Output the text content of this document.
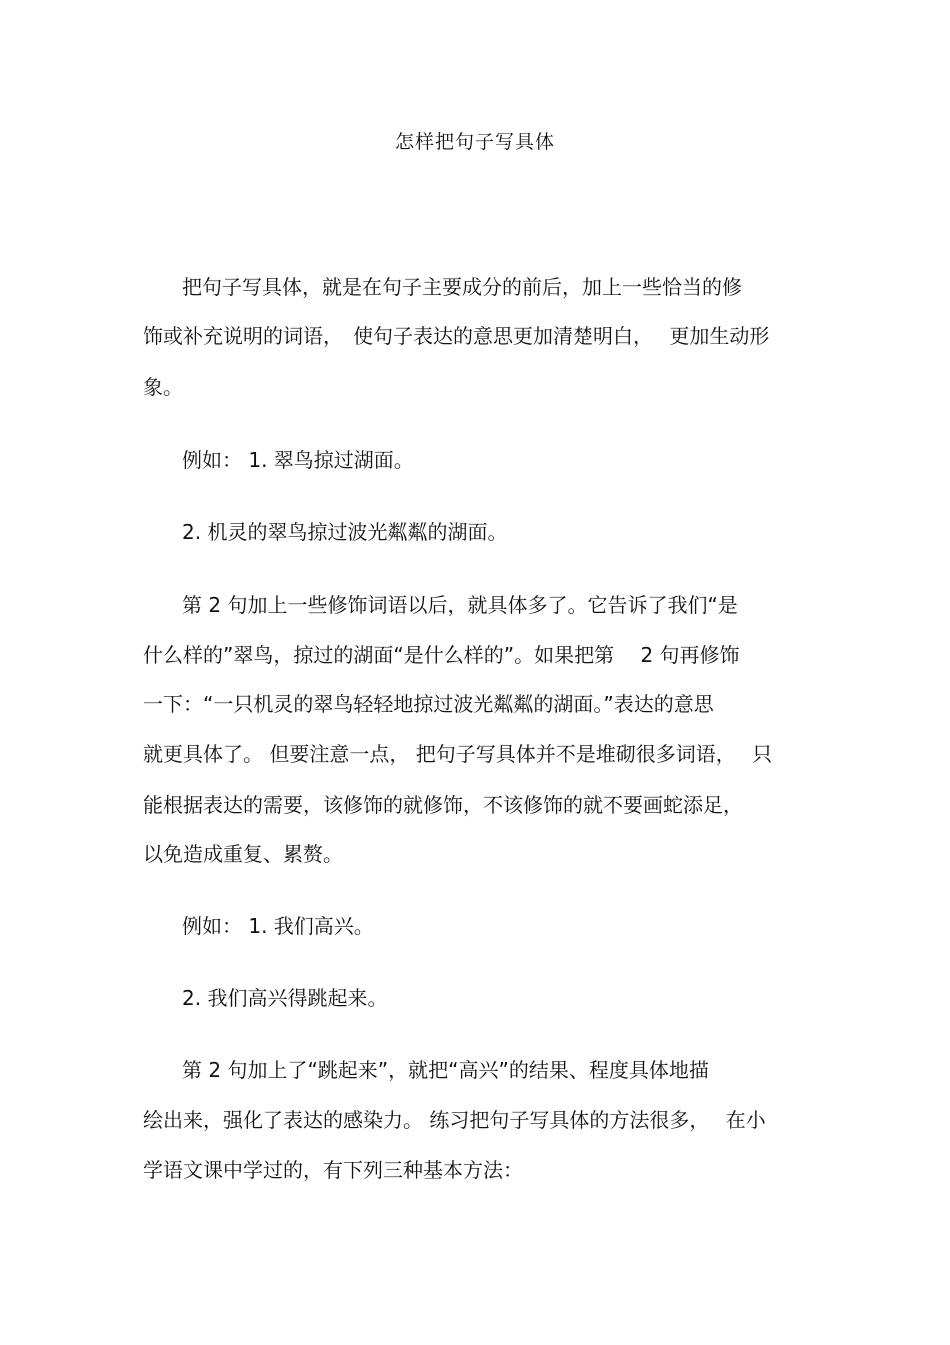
怎样把句子写具体
把句子写具体，就是在句子主要成分的前后，加上一些恰当的修
饰或补充说明的词语，　使句子表达的意思更加清楚明白，　 更加生动形
象。
例如： 1. 翠鸟掠过湖面。
2. 机灵的翠鸟掠过波光粼粼的湖面。
第 2 句加上一些修饰词语以后，就具体多了。它告诉了我们“是
什么样的”翠鸟，掠过的湖面“是什么样的”。如果把第　 2 句再修饰
一下：“一只机灵的翠鸟轻轻地掠过波光粼粼的湖面。”表达的意思
就更具体了。 但要注意一点， 把句子写具体并不是堆砌很多词语，　 只
能根据表达的需要，该修饰的就修饰，不该修饰的就不要画蛇添足，
以免造成重复、累赘。
例如： 1. 我们高兴。
2. 我们高兴得跳起来。
第 2 句加上了“跳起来”，就把“高兴”的结果、程度具体地描
绘出来，强化了表达的感染力。 练习把句子写具体的方法很多，　 在小
学语文课中学过的，有下列三种基本方法：
